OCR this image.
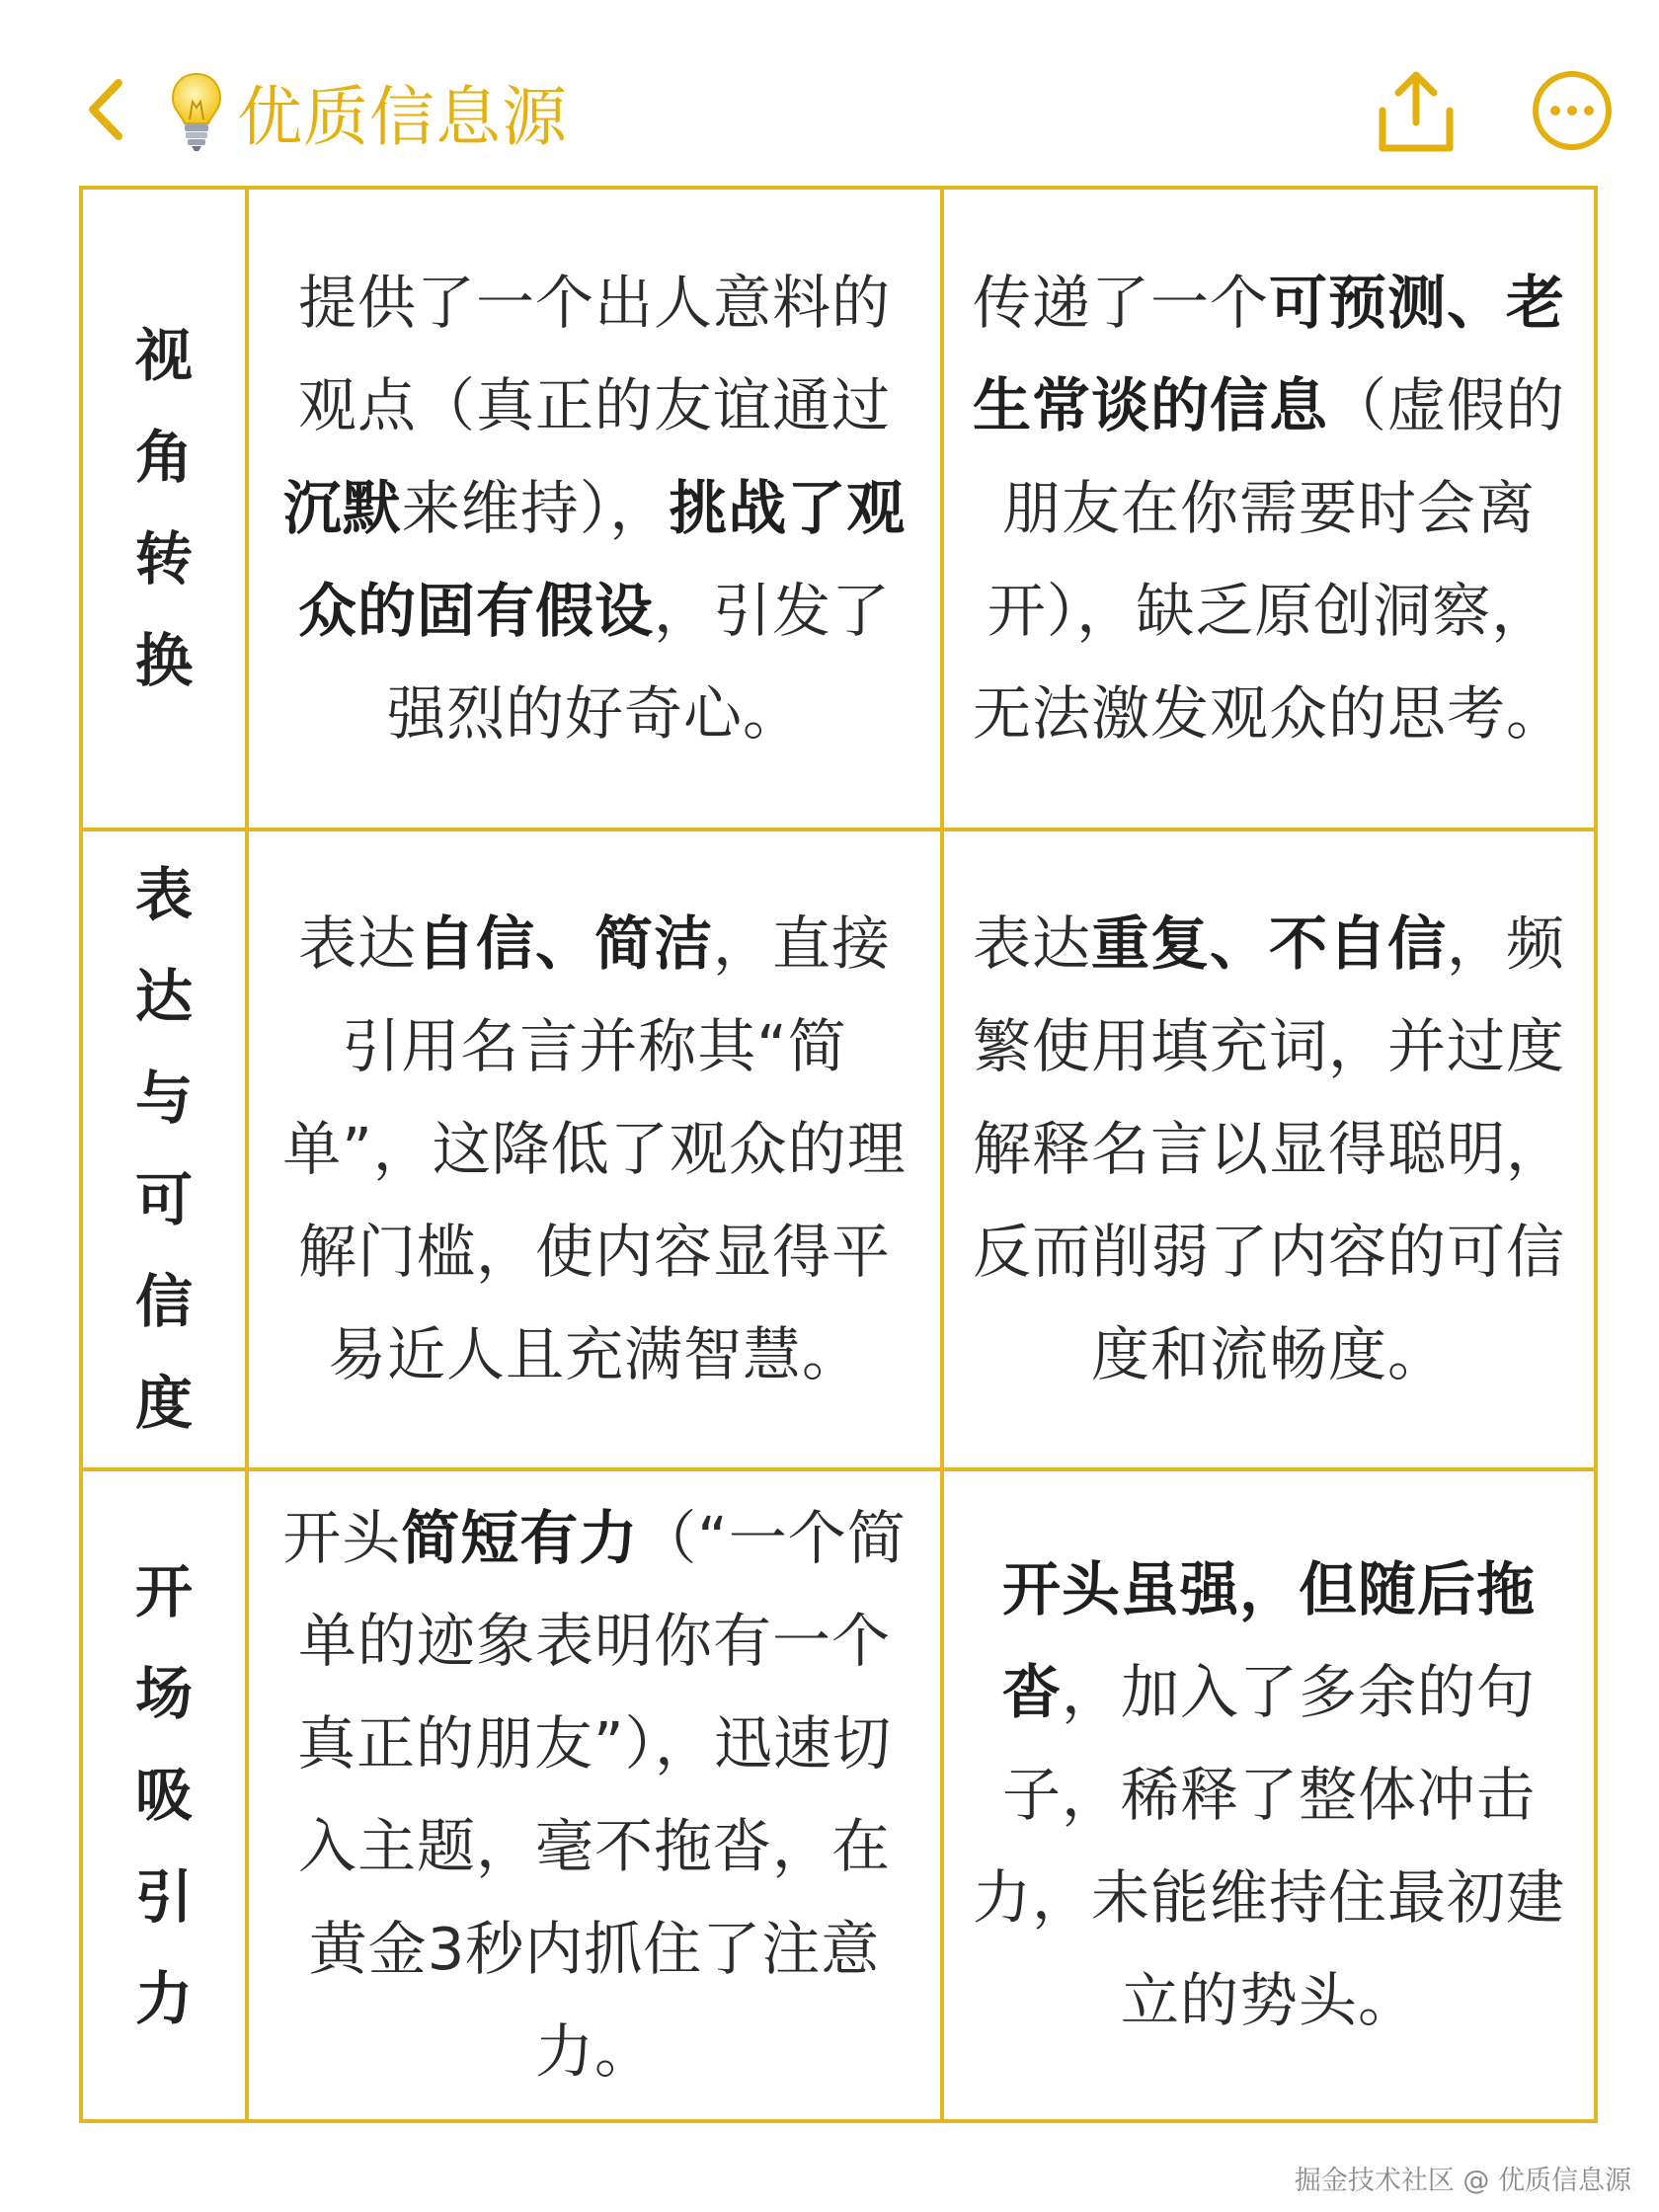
优质信息源
视角转换	提供了一个出人意料的观点（真正的友谊通过沉默来维持），挑战了观众的固有假设，引发了强烈的好奇心。	传递了一个可预测、老生常谈的信息（虚假的朋友在你需要时会离开），缺乏原创洞察，无法激发观众的思考。
表达与可信度	表达自信、简洁，直接引用名言并称其“简单”，这降低了观众的理解门槛，使内容显得平易近人且充满智慧。	表达重复、不自信，频繁使用填充词，并过度解释名言以显得聪明，反而削弱了内容的可信度和流畅度。
开场吸引力	开头简短有力（“一个简单的迹象表明你有一个真正的朋友”），迅速切入主题，毫不拖沓，在黄金3秒内抓住了注意力。	开头虽强，但随后拖沓，加入了多余的句子，稀释了整体冲击力，未能维持住最初建立的势头。
掘金技术社区 @ 优质信息源
